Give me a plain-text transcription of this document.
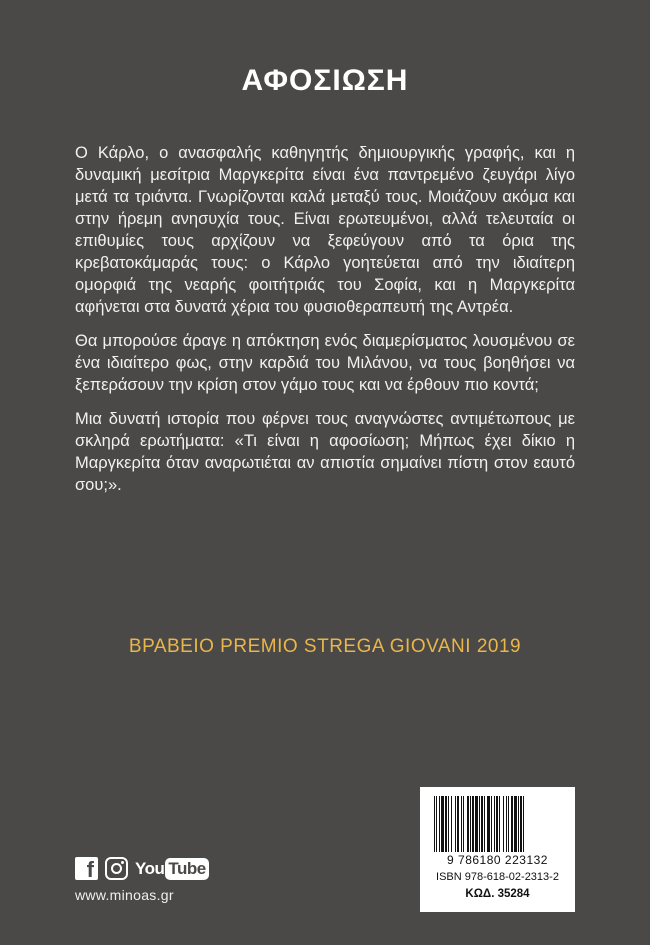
ΑΦΟΣΙΩΣΗ

Ο Κάρλο, ο ανασφαλής καθηγητής δημιουργικής γραφής, και η δυναμική μεσίτρια Μαργκερίτα είναι ένα παντρεμένο ζευγάρι λίγο μετά τα τριάντα. Γνωρίζονται καλά μεταξύ τους. Μοιάζουν ακόμα και στην ήρεμη ανησυχία τους. Είναι ερωτευμένοι, αλλά τελευταία οι επιθυμίες τους αρχίζουν να ξεφεύγουν από τα όρια της κρεβατοκάμαράς τους: ο Κάρλο γοητεύεται από την ιδιαίτερη ομορφιά της νεαρής φοιτήτριάς του Σοφία, και η Μαργκερίτα αφήνεται στα δυνατά χέρια του φυσιοθεραπευτή της Αντρέα.

Θα μπορούσε άραγε η απόκτηση ενός διαμερίσματος λουσμένου σε ένα ιδιαίτερο φως, στην καρδιά του Μιλάνου, να τους βοηθήσει να ξεπεράσουν την κρίση στον γάμο τους και να έρθουν πιο κοντά;

Μια δυνατή ιστορία που φέρνει τους αναγνώστες αντιμέτωπους με σκληρά ερωτήματα: «Τι είναι η αφοσίωση; Μήπως έχει δίκιο η Μαργκερίτα όταν αναρωτιέται αν απιστία σημαίνει πίστη στον εαυτό σου;».

ΒΡΑΒΕΙΟ PREMIO STREGA GIOVANI 2019
f You Tube
www.minoas.gr
9 786180 223132
ISBN 978-618-02-2313-2
ΚΩΔ. 35284
